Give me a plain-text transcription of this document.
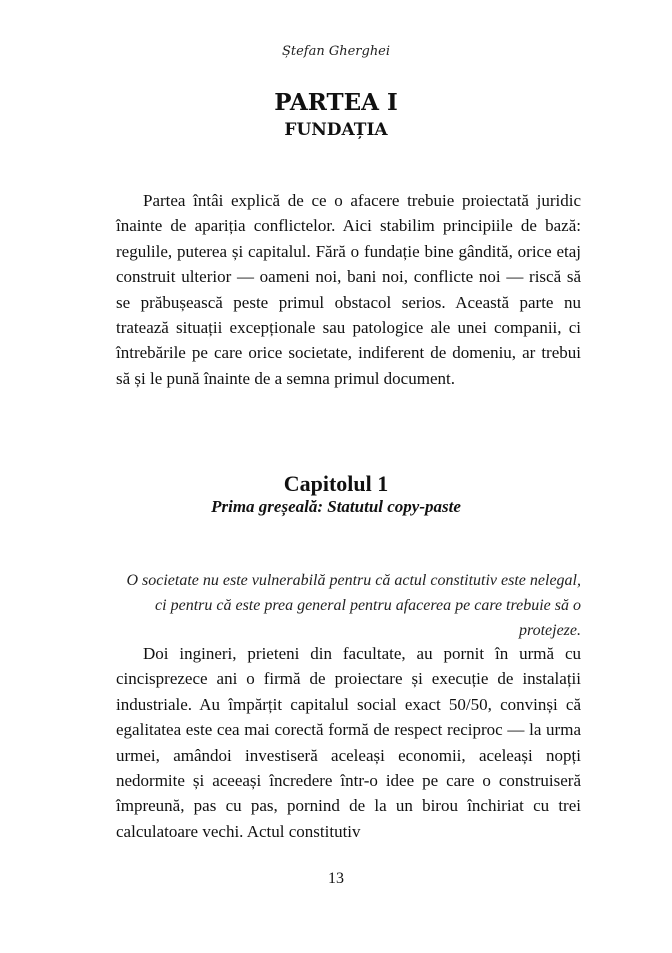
Ștefan Gherghei
PARTEA I
FUNDAȚIA

Partea întâi explică de ce o afacere trebuie proiectată juridic înainte de apariția conflictelor. Aici stabilim principiile de bază: regulile, puterea și capitalul. Fără o fundație bine gândită, orice etaj construit ulterior — oameni noi, bani noi, conflicte noi — riscă să se prăbușească peste primul obstacol serios. Această parte nu tratează situații excepționale sau patologice ale unei companii, ci întrebările pe care orice societate, indiferent de domeniu, ar trebui să și le pună înainte de a semna primul document.

Capitolul 1
Prima greșeală: Statutul copy-paste
O societate nu este vulnerabilă pentru că actul constitutiv este nelegal, ci pentru că este prea general pentru afacerea pe care trebuie să o protejeze.

Doi ingineri, prieteni din facultate, au pornit în urmă cu cincisprezece ani o firmă de proiectare și execuție de instalații industriale. Au împărțit capitalul social exact 50/50, convinși că egalitatea este cea mai corectă formă de respect reciproc — la urma urmei, amândoi investiseră aceleași economii, aceleași nopți nedormite și aceeași încredere într-o idee pe care o construiseră împreună, pas cu pas, pornind de la un birou închiriat cu trei calculatoare vechi. Actul constitutiv

13
